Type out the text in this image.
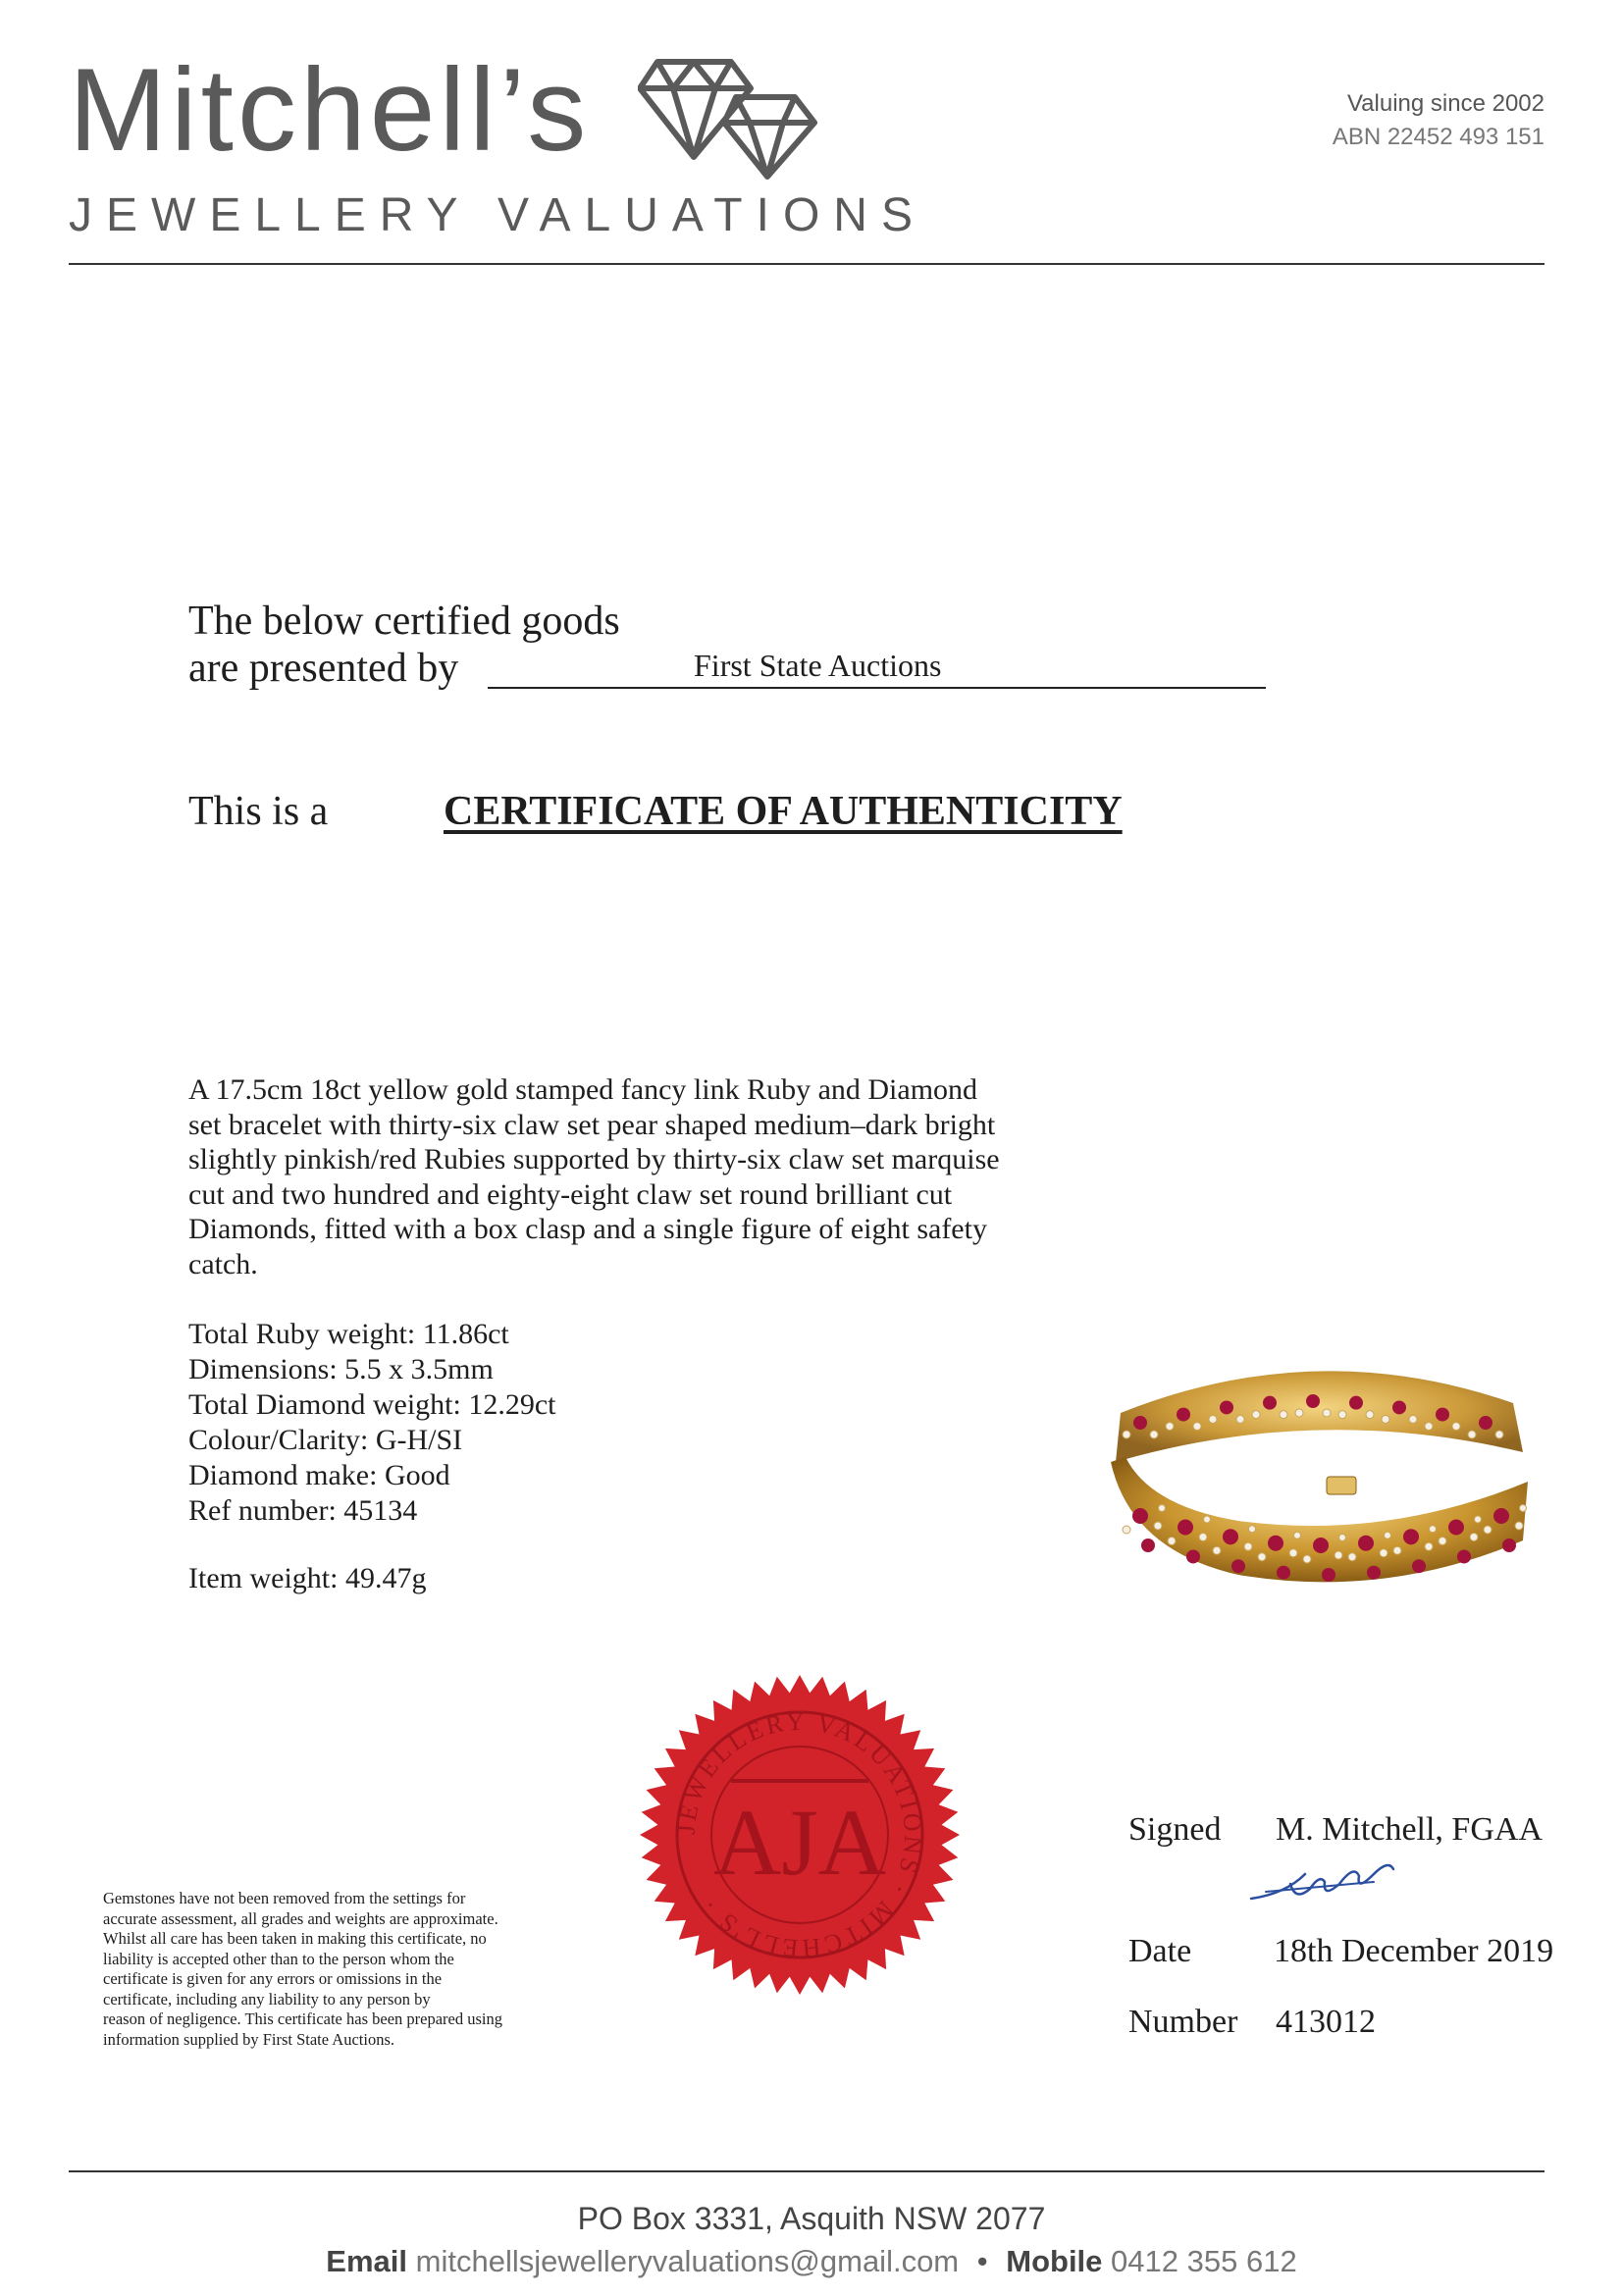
Mitchell’s
JEWELLERY VALUATIONS
Valuing since 2002
ABN 22452 493 151
The below certified goods
are presented by	First State Auctions
This is a	CERTIFICATE OF AUTHENTICITY
A 17.5cm 18ct yellow gold stamped fancy link Ruby and Diamond
set bracelet with thirty-six claw set pear shaped medium–dark bright
slightly pinkish/red Rubies supported by thirty-six claw set marquise
cut and two hundred and eighty-eight claw set round brilliant cut
Diamonds, fitted with a box clasp and a single figure of eight safety
catch.
Total Ruby weight: 11.86ct
Dimensions: 5.5 x 3.5mm
Total Diamond weight: 12.29ct
Colour/Clarity: G-H/SI
Diamond make: Good
Ref number: 45134
Item weight: 49.47g
JEWELLERY VALUATIONS · MITCHELL'S ·
AJA
Gemstones have not been removed from the settings for
accurate assessment, all grades and weights are approximate.
Whilst all care has been taken in making this certificate, no
liability is accepted other than to the person whom the
certificate is given for any errors or omissions in the
certificate, including any liability to any person by
reason of negligence. This certificate has been prepared using
information supplied by First State Auctions.
Signed M. Mitchell, FGAA
Date 18th December 2019
Number 413012
PO Box 3331, Asquith NSW 2077
Email mitchellsjewelleryvaluations@gmail.com • Mobile 0412 355 612
